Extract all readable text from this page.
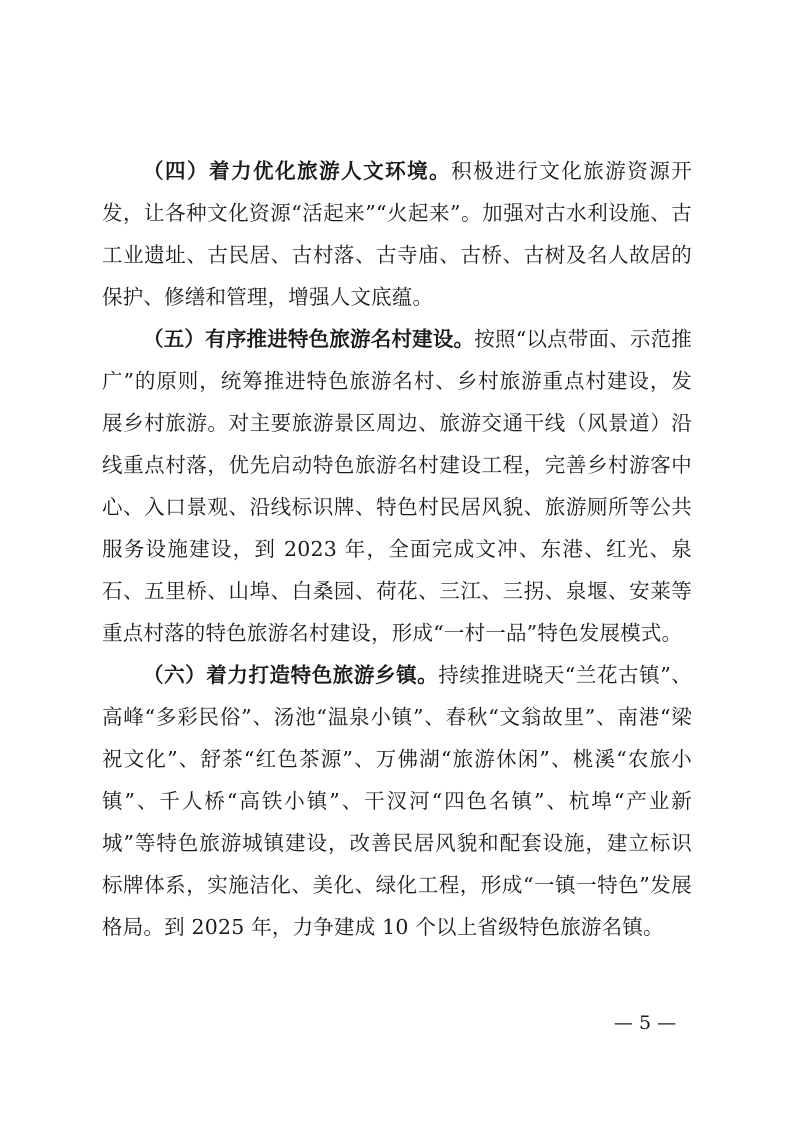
（四）着力优化旅游人文环境。积极进行文化旅游资源开发，让各种文化资源“活起来”“火起来”。加强对古水利设施、古工业遗址、古民居、古村落、古寺庙、古桥、古树及名人故居的保护、修缮和管理，增强人文底蕴。

（五）有序推进特色旅游名村建设。按照“以点带面、示范推广”的原则，统筹推进特色旅游名村、乡村旅游重点村建设，发展乡村旅游。对主要旅游景区周边、旅游交通干线（风景道）沿线重点村落，优先启动特色旅游名村建设工程，完善乡村游客中心、入口景观、沿线标识牌、特色村民居风貌、旅游厕所等公共服务设施建设，到 2023 年，全面完成文冲、东港、红光、泉石、五里桥、山埠、白桑园、荷花、三江、三拐、泉堰、安莱等重点村落的特色旅游名村建设，形成“一村一品”特色发展模式。

（六）着力打造特色旅游乡镇。持续推进晓天“兰花古镇”、高峰“多彩民俗”、汤池“温泉小镇”、春秋“文翁故里”、南港“梁祝文化”、舒茶“红色茶源”、万佛湖“旅游休闲”、桃溪“农旅小镇”、千人桥“高铁小镇”、干汊河“四色名镇”、杭埠“产业新城”等特色旅游城镇建设，改善民居风貌和配套设施，建立标识标牌体系，实施洁化、美化、绿化工程，形成“一镇一特色”发展格局。到 2025 年，力争建成 10 个以上省级特色旅游名镇。

— 5 —
